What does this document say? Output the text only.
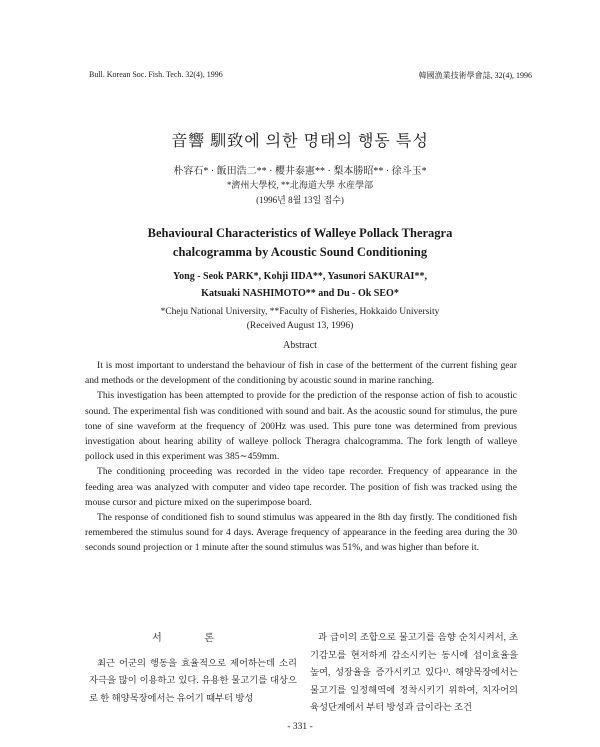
Bull. Korean Soc. Fish. Tech. 32(4), 1996	韓國漁業技術學會誌, 32(4), 1996
音響 馴致에 의한 명태의 행동 특성
朴容石* · 飯田浩二** · 櫻井泰憲** · 梨本勝昭** · 徐斗玉*
*濟州大學校, **北海道大學 水産學部
(1996년 8월 13일 접수)
Behavioural Characteristics of Walleye Pollack Theragra
chalcogramma by Acoustic Sound Conditioning
Yong - Seok PARK*, Kohji IIDA**, Yasunori SAKURAI**,
Katsuaki NASHIMOTO** and Du - Ok SEO*
*Cheju National University, **Faculty of Fisheries, Hokkaido University
(Received August 13, 1996)
Abstract

It is most important to understand the behaviour of fish in case of the betterment of the current fishing gear and methods or the development of the conditioning by acoustic sound in marine ranching.

This investigation has been attempted to provide for the prediction of the response action of fish to acoustic sound. The experimental fish was conditioned with sound and bait. As the acoustic sound for stimulus, the pure tone of sine waveform at the frequency of 200Hz was used. This pure tone was determined from previous investigation about hearing ability of walleye pollock Theragra chalcogramma. The fork length of walleye pollock used in this experiment was 385∼459mm.

The conditioning proceeding was recorded in the video tape recorder. Frequency of appearance in the feeding area was analyzed with computer and video tape recorder. The position of fish was tracked using the mouse cursor and picture mixed on the superimpose board.

The response of conditioned fish to sound stimulus was appeared in the 8th day firstly. The conditioned fish remembered the stimulus sound for 4 days. Average frequency of appearance in the feeding area during the 30 seconds sound projection or 1 minute after the sound stimulus was 51%, and was higher than before it.

서 론

최근 어군의 행동을 효율적으로 제어하는데 소리 자극을 많이 이용하고 있다. 유용한 물고기를 대상으로 한 해양목장에서는 유어기 때부터 방성

과 급이의 조합으로 물고기를 음향 순치시켜서, 초기감모를 현저하게 감소시키는 동시에 섭이효율을 높여, 성장율을 증가시키고 있다¹⁾. 해양목장에서는 물고기를 일정해역에 정착시키기 위하여, 치자어의 육성단계에서 부터 방성과 급이라는 조건

- 331 -
